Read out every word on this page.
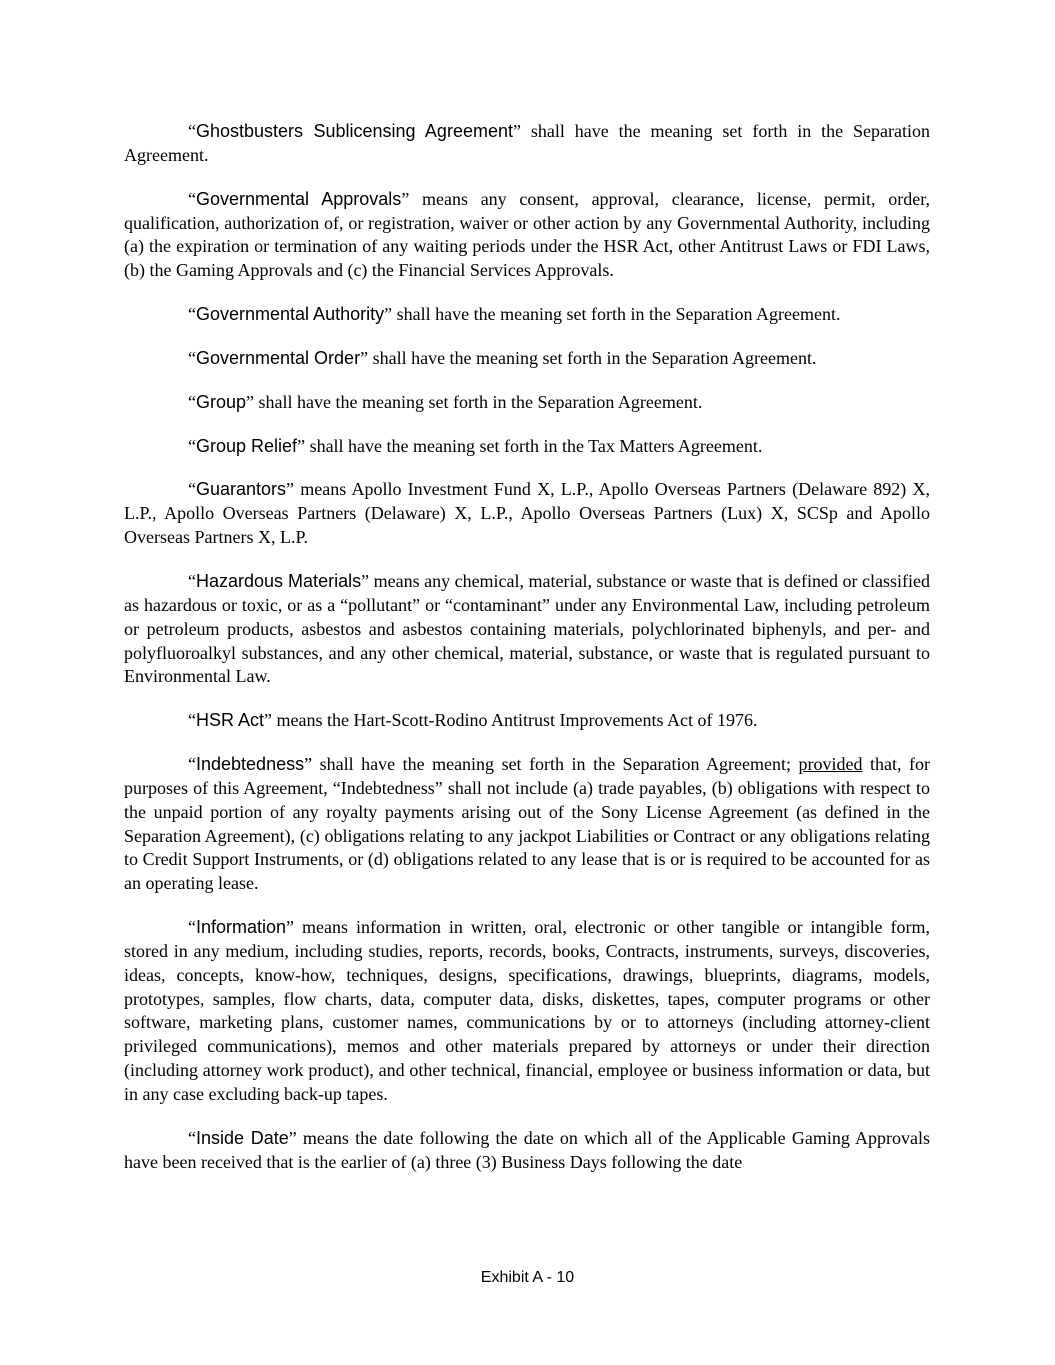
“Ghostbusters Sublicensing Agreement” shall have the meaning set forth in the Separation Agreement.

“Governmental Approvals” means any consent, approval, clearance, license, permit, order, qualification, authorization of, or registration, waiver or other action by any Governmental Authority, including (a) the expiration or termination of any waiting periods under the HSR Act, other Antitrust Laws or FDI Laws, (b) the Gaming Approvals and (c) the Financial Services Approvals.

“Governmental Authority” shall have the meaning set forth in the Separation Agreement.

“Governmental Order” shall have the meaning set forth in the Separation Agreement.

“Group” shall have the meaning set forth in the Separation Agreement.

“Group Relief” shall have the meaning set forth in the Tax Matters Agreement.

“Guarantors” means Apollo Investment Fund X, L.P., Apollo Overseas Partners (Delaware 892) X, L.P., Apollo Overseas Partners (Delaware) X, L.P., Apollo Overseas Partners (Lux) X, SCSp and Apollo Overseas Partners X, L.P.

“Hazardous Materials” means any chemical, material, substance or waste that is defined or classified as hazardous or toxic, or as a “pollutant” or “contaminant” under any Environmental Law, including petroleum or petroleum products, asbestos and asbestos containing materials, polychlorinated biphenyls, and per- and polyfluoroalkyl substances, and any other chemical, material, substance, or waste that is regulated pursuant to Environmental Law.

“HSR Act” means the Hart-Scott-Rodino Antitrust Improvements Act of 1976.

“Indebtedness” shall have the meaning set forth in the Separation Agreement; provided that, for purposes of this Agreement, “Indebtedness” shall not include (a) trade payables, (b) obligations with respect to the unpaid portion of any royalty payments arising out of the Sony License Agreement (as defined in the Separation Agreement), (c) obligations relating to any jackpot Liabilities or Contract or any obligations relating to Credit Support Instruments, or (d) obligations related to any lease that is or is required to be accounted for as an operating lease.

“Information” means information in written, oral, electronic or other tangible or intangible form, stored in any medium, including studies, reports, records, books, Contracts, instruments, surveys, discoveries, ideas, concepts, know-how, techniques, designs, specifications, drawings, blueprints, diagrams, models, prototypes, samples, flow charts, data, computer data, disks, diskettes, tapes, computer programs or other software, marketing plans, customer names, communications by or to attorneys (including attorney-client privileged communications), memos and other materials prepared by attorneys or under their direction (including attorney work product), and other technical, financial, employee or business information or data, but in any case excluding back-up tapes.

“Inside Date” means the date following the date on which all of the Applicable Gaming Approvals have been received that is the earlier of (a) three (3) Business Days following the date

Exhibit A - 10
